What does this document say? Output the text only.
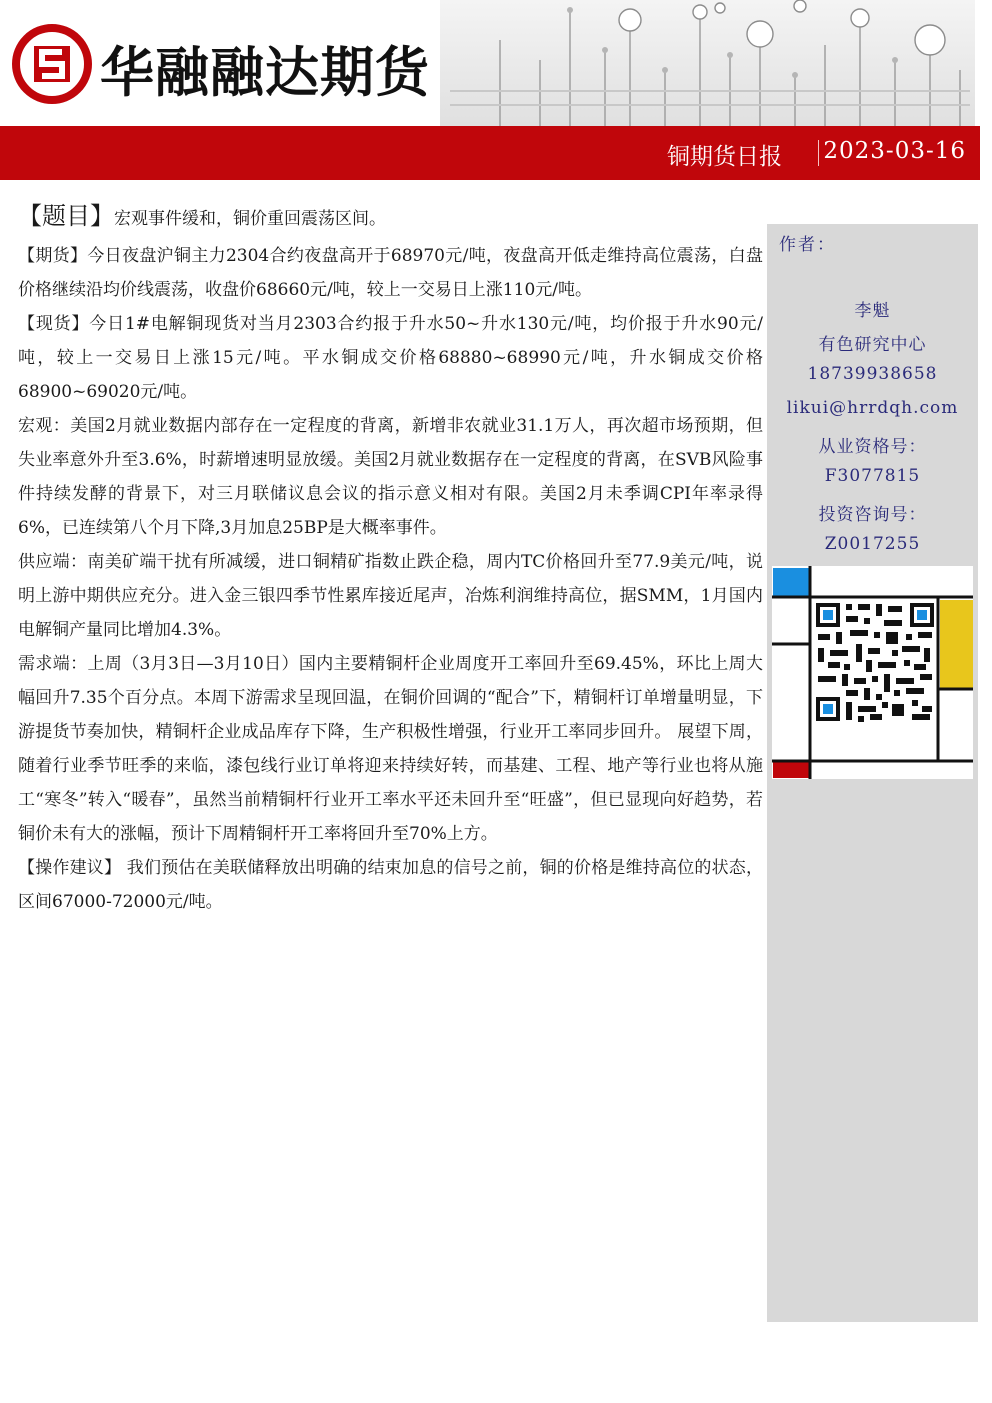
华融融达期货
铜期货日报 2023-03-16
【题目】宏观事件缓和，铜价重回震荡区间。

【期货】今日夜盘沪铜主力2304合约夜盘高开于68970元/吨，夜盘高开低走维持高位震荡，白盘价格继续沿均价线震荡，收盘价68660元/吨，较上一交易日上涨110元/吨。

【现货】今日1#电解铜现货对当月2303合约报于升水50~升水130元/吨，均价报于升水90元/吨，较上一交易日上涨15元/吨。平水铜成交价格68880~68990元/吨，升水铜成交价格68900~69020元/吨。

宏观：美国2月就业数据内部存在一定程度的背离，新增非农就业31.1万人，再次超市场预期，但失业率意外升至3.6%，时薪增速明显放缓。美国2月就业数据存在一定程度的背离，在SVB风险事件持续发酵的背景下，对三月联储议息会议的指示意义相对有限。美国2月未季调CPI年率录得6%，已连续第八个月下降,3月加息25BP是大概率事件。

供应端：南美矿端干扰有所减缓，进口铜精矿指数止跌企稳，周内TC价格回升至77.9美元/吨，说明上游中期供应充分。进入金三银四季节性累库接近尾声，冶炼利润维持高位，据SMM，1月国内电解铜产量同比增加4.3%。

需求端：上周（3月3日—3月10日）国内主要精铜杆企业周度开工率回升至69.45%，环比上周大幅回升7.35个百分点。本周下游需求呈现回温，在铜价回调的“配合”下，精铜杆订单增量明显，下游提货节奏加快，精铜杆企业成品库存下降，生产积极性增强，行业开工率同步回升。 展望下周，随着行业季节旺季的来临，漆包线行业订单将迎来持续好转，而基建、工程、地产等行业也将从施工“寒冬”转入“暖春”，虽然当前精铜杆行业开工率水平还未回升至“旺盛”，但已显现向好趋势，若铜价未有大的涨幅，预计下周精铜杆开工率将回升至70%上方。

【操作建议】 我们预估在美联储释放出明确的结束加息的信号之前，铜的价格是维持高位的状态，区间67000-72000元/吨。

作者：
李魁
有色研究中心
18739938658
likui@hrrdqh.com
从业资格号：
F3077815
投资咨询号：
Z0017255
